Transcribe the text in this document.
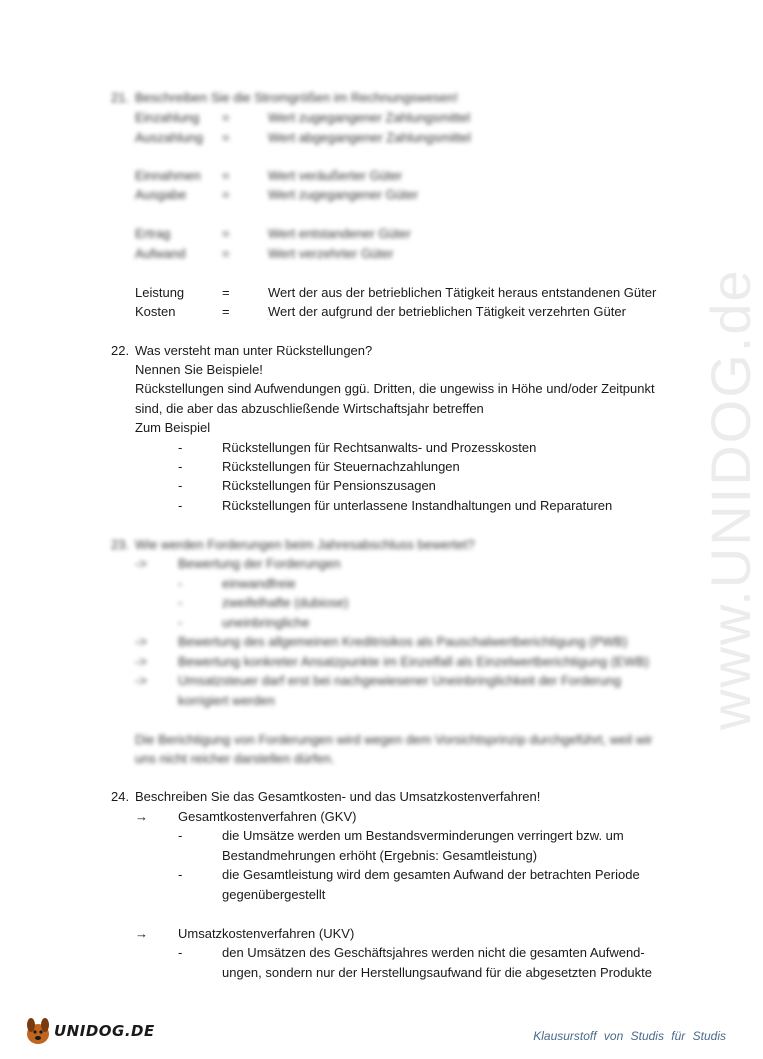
www.UNIDOG.de
21. Beschreiben Sie die Stromgrößen im Rechnungswesen!
Einzahlung =	Wert zugegangener Zahlungsmittel
Auszahlung =	Wert abgegangener Zahlungsmittel
Einnahmen =	Wert veräußerter Güter
Ausgabe	=	Wert zugegangener Güter
Ertrag	=	Wert entstandener Güter
Aufwand	=	Wert verzehrter Güter
Leistung	=	Wert der aus der betrieblichen Tätigkeit heraus entstandenen Güter
Kosten	=	Wert der aufgrund der betrieblichen Tätigkeit verzehrten Güter
22. Was versteht man unter Rückstellungen?
Nennen Sie Beispiele!
Rückstellungen sind Aufwendungen ggü. Dritten, die ungewiss in Höhe und/oder Zeitpunkt
sind, die aber das abzuschließende Wirtschaftsjahr betreffen
Zum Beispiel
-	Rückstellungen für Rechtsanwalts- und Prozesskosten
-	Rückstellungen für Steuernachzahlungen
-	Rückstellungen für Pensionszusagen
-	Rückstellungen für unterlassene Instandhaltungen und Reparaturen
23. Wie werden Forderungen beim Jahresabschluss bewertet?
-> Bewertung der Forderungen
-	einwandfreie
-	zweifelhafte (dubiose)
-	uneinbringliche
-> Bewertung des allgemeinen Kreditrisikos als Pauschalwertberichtigung (PWB)
-> Bewertung konkreter Ansatzpunkte im Einzelfall als Einzelwertberichtigung (EWB)
-> Umsatzsteuer darf erst bei nachgewiesener Uneinbringlichkeit der Forderung
korrigiert werden
Die Berichtigung von Forderungen wird wegen dem Vorsichtsprinzip durchgeführt, weil wir
uns nicht reicher darstellen dürfen.
24. Beschreiben Sie das Gesamtkosten- und das Umsatzkostenverfahren!
→ Gesamtkostenverfahren (GKV)
-	die Umsätze werden um Bestandsverminderungen verringert bzw. um
Bestandmehrungen erhöht (Ergebnis: Gesamtleistung)
-	die Gesamtleistung wird dem gesamten Aufwand der betrachten Periode
gegenübergestellt
→ Umsatzkostenverfahren (UKV)
-	den Umsätzen des Geschäftsjahres werden nicht die gesamten Aufwend-
ungen, sondern nur der Herstellungsaufwand für die abgesetzten Produkte
UNIDOG.DE	Klausurstoff von Studis für Studis
